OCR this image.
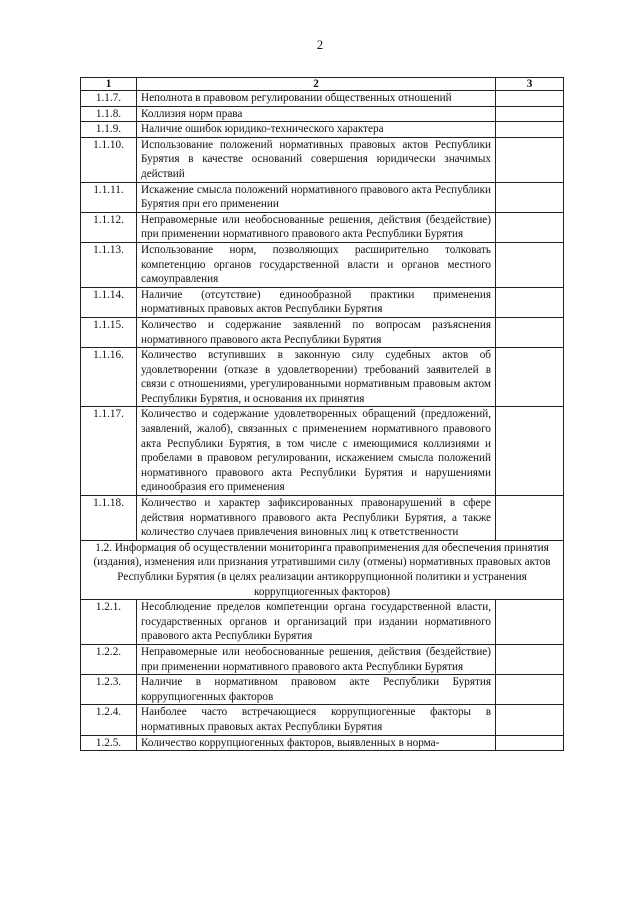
2
1	2	3
1.1.7.	Неполнота в правовом регулировании общественных отношений	
1.1.8.	Коллизия норм права	
1.1.9.	Наличие ошибок юридико-технического характера	
1.1.10.	Использование положений нормативных правовых актов Республики Бурятия в качестве оснований совершения юридически значимых действий	
1.1.11.	Искажение смысла положений нормативного правового акта Республики Бурятия при его применении	
1.1.12.	Неправомерные или необоснованные решения, действия (бездействие) при применении нормативного правового акта Республики Бурятия	
1.1.13.	Использование норм, позволяющих расширительно толковать компетенцию органов государственной власти и органов местного самоуправления	
1.1.14.	Наличие (отсутствие) единообразной практики применения нормативных правовых актов Республики Бурятия	
1.1.15.	Количество и содержание заявлений по вопросам разъяснения нормативного правового акта Республики Бурятия	
1.1.16.	Количество вступивших в законную силу судебных актов об удовлетворении (отказе в удовлетворении) требований заявителей в связи с отношениями, урегулированными нормативным правовым актом Республики Бурятия, и основания их принятия	
1.1.17.	Количество и содержание удовлетворенных обращений (предложений, заявлений, жалоб), связанных с применением нормативного правового акта Республики Бурятия, в том числе с имеющимися коллизиями и пробелами в правовом регулировании, искажением смысла положений нормативного правового акта Республики Бурятия и нарушениями единообразия его применения	
1.1.18.	Количество и характер зафиксированных правонарушений в сфере действия нормативного правового акта Республики Бурятия, а также количество случаев привлечения виновных лиц к ответственности	
1.2. Информация об осуществлении мониторинга правоприменения для обеспечения принятия (издания), изменения или признания утратившими силу (отмены) нормативных правовых актов Республики Бурятия (в целях реализации антикоррупционной политики и устранения коррупциогенных факторов)		
1.2.1.	Несоблюдение пределов компетенции органа государственной власти, государственных органов и организаций при издании нормативного правового акта Республики Бурятия	
1.2.2.	Неправомерные или необоснованные решения, действия (бездействие) при применении нормативного правового акта Республики Бурятия	
1.2.3.	Наличие в нормативном правовом акте Республики Бурятия коррупциогенных факторов	
1.2.4.	Наиболее часто встречающиеся коррупциогенные факторы в нормативных правовых актах Республики Бурятия	
1.2.5.	Количество коррупциогенных факторов, выявленных в норма-	
